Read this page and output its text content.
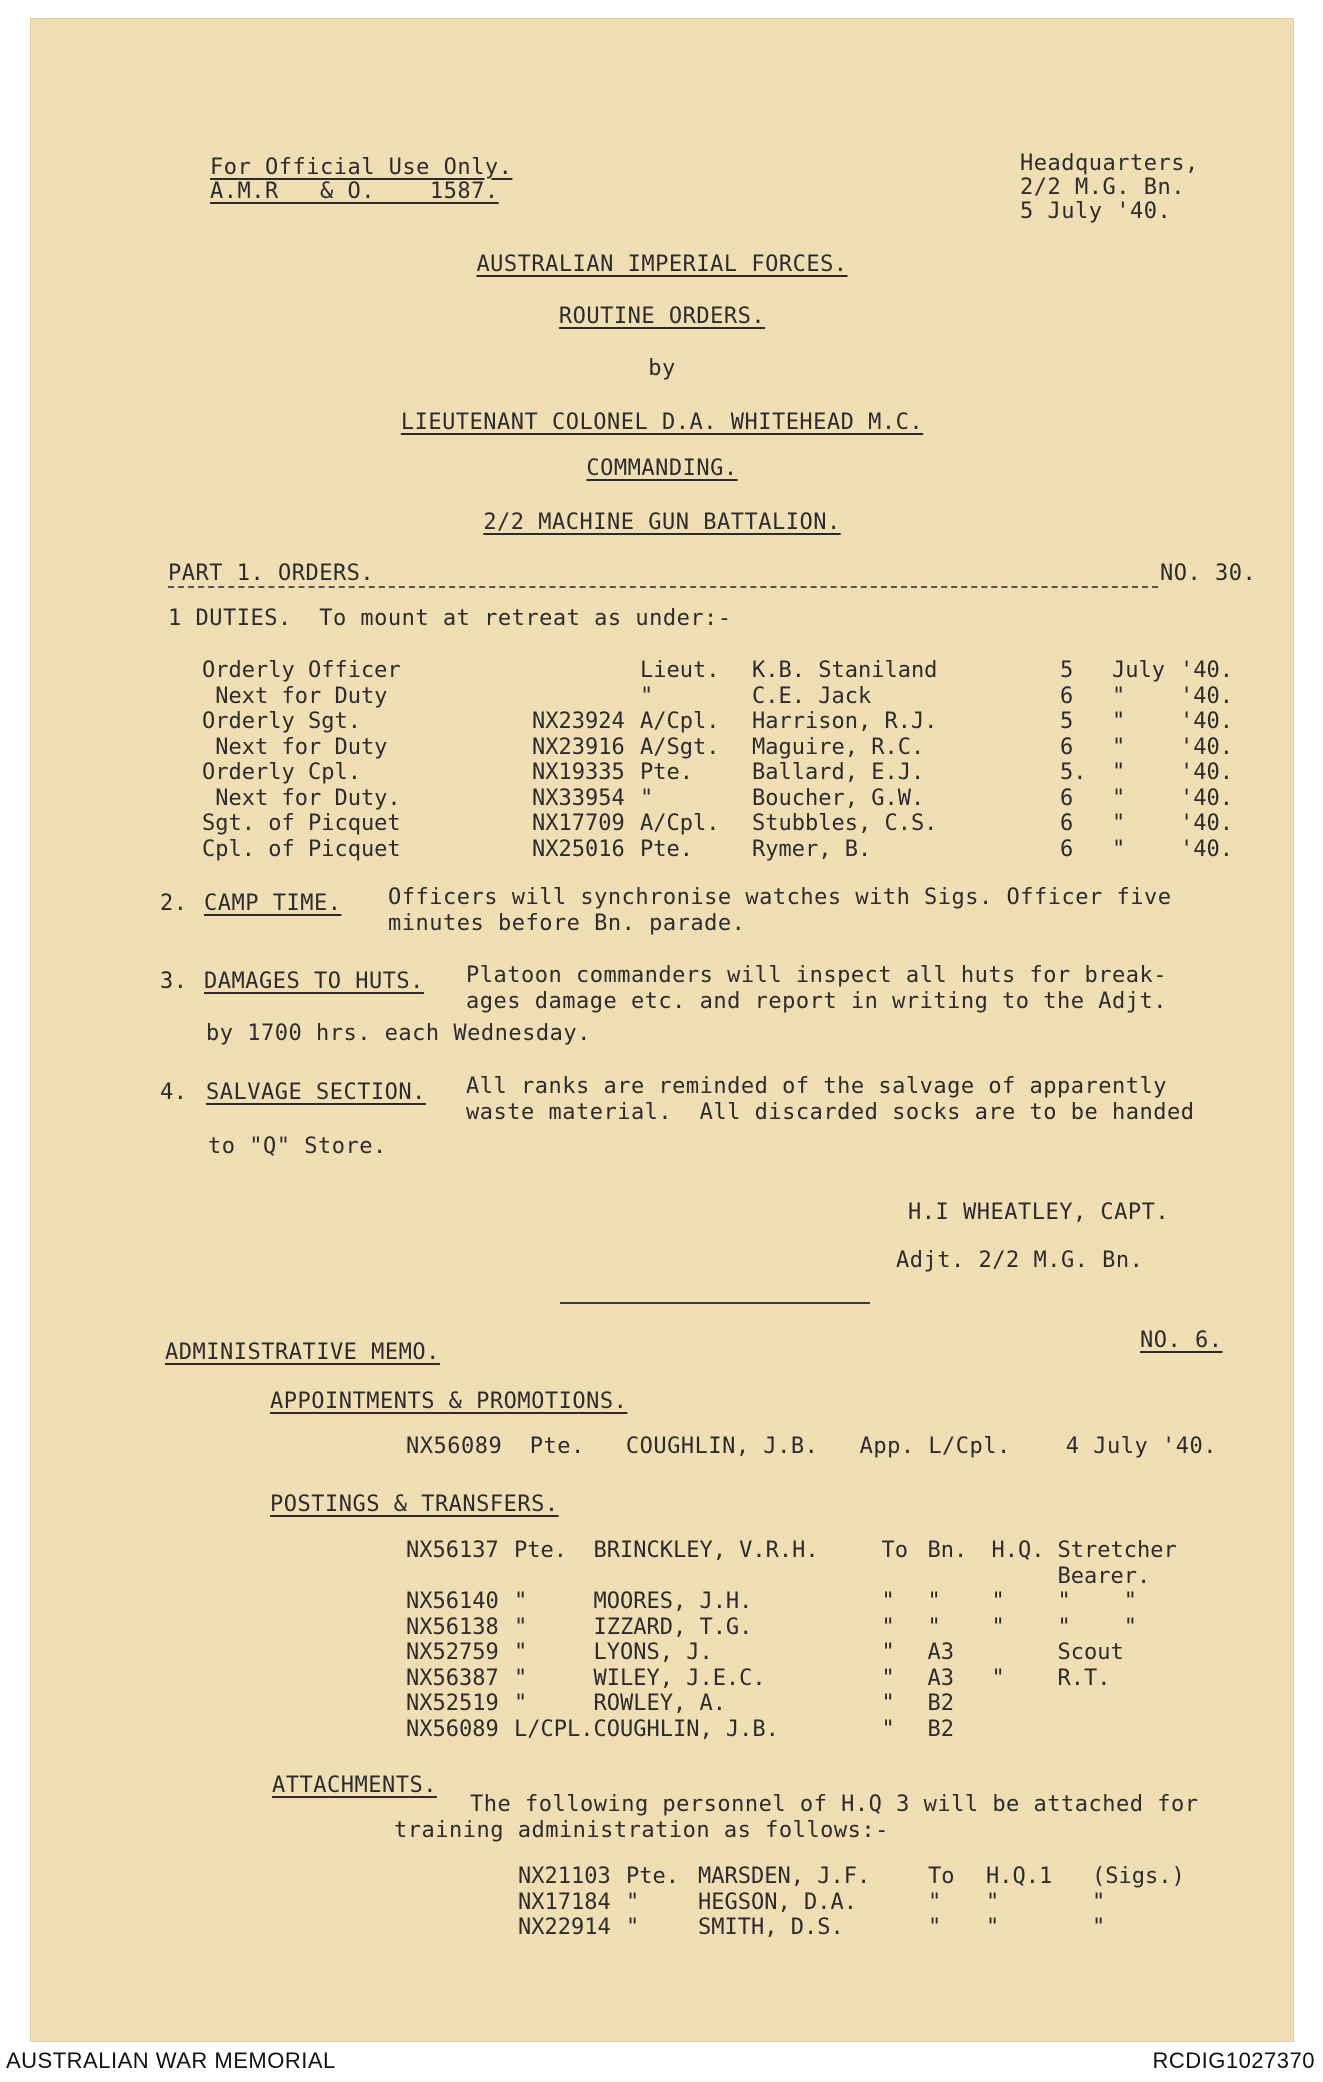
For Official Use Only.
A.M.R   & O.    1587.
Headquarters,
2/2 M.G. Bn.
5 July '40.
AUSTRALIAN IMPERIAL FORCES.
ROUTINE ORDERS.
by
LIEUTENANT COLONEL D.A. WHITEHEAD M.C.
COMMANDING.
2/2 MACHINE GUN BATTALION.
PART 1. ORDERS.	NO. 30.
1 DUTIES.  To mount at retreat as under:-
Orderly Officer		Lieut.	K.B. Staniland	5	July	'40.
Next for Duty		"	C.E. Jack	6	"	'40.
Orderly Sgt.	NX23924	A/Cpl.	Harrison, R.J.	5	"	'40.
Next for Duty	NX23916	A/Sgt.	Maguire, R.C.	6	"	'40.
Orderly Cpl.	NX19335	Pte.	Ballard, E.J.	5.	"	'40.
Next for Duty.	NX33954	"	Boucher, G.W.	6	"	'40.
Sgt. of Picquet	NX17709	A/Cpl.	Stubbles, C.S.	6	"	'40.
Cpl. of Picquet	NX25016	Pte.	Rymer, B.	6	"	'40.
2. CAMP TIME. Officers will synchronise watches with Sigs. Officer five
minutes before Bn. parade.
3. DAMAGES TO HUTS. Platoon commanders will inspect all huts for break-
ages damage etc. and report in writing to the Adjt.
by 1700 hrs. each Wednesday.
4. SALVAGE SECTION. All ranks are reminded of the salvage of apparently
waste material.  All discarded socks are to be handed
to "Q" Store.
H.I WHEATLEY, CAPT.
Adjt. 2/2 M.G. Bn.
ADMINISTRATIVE MEMO.	NO. 6.
APPOINTMENTS & PROMOTIONS.
NX56089  Pte.   COUGHLIN, J.B.   App. L/Cpl.    4 July '40.
POSTINGS & TRANSFERS.
NX56137	Pte.	BRINCKLEY, V.R.H.	To	Bn.	H.Q.	Stretcher
						Bearer.
NX56140	"	MOORES, J.H.	"	"	"	"    "
NX56138	"	IZZARD, T.G.	"	"	"	"    "
NX52759	"	LYONS, J.	"	A3		Scout
NX56387	"	WILEY, J.E.C.	"	A3	"	R.T.
NX52519	"	ROWLEY, A.	"	B2		
NX56089	L/CPL.	COUGHLIN, J.B.	"	B2		
ATTACHMENTS.
The following personnel of H.Q 3 will be attached for
training administration as follows:-
NX21103	Pte.	MARSDEN, J.F.	To	H.Q.1	(Sigs.)
NX17184	"	HEGSON, D.A.	"	"	"
NX22914	"	SMITH, D.S.	"	"	"
AUSTRALIAN WAR MEMORIAL	RCDIG1027370
